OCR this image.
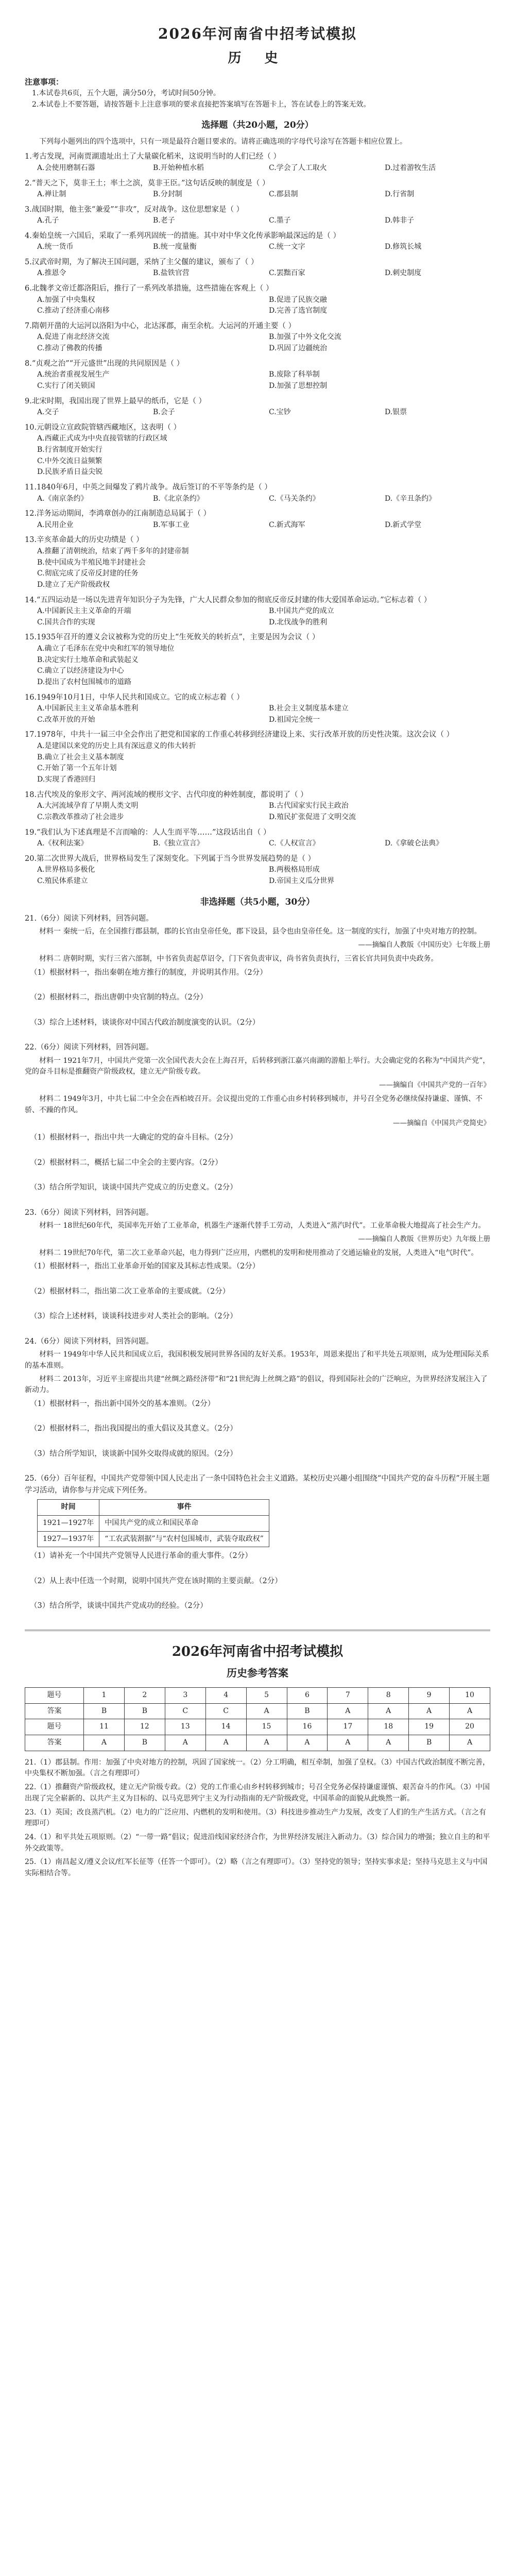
2026年河南省中招考试模拟
历 史
注意事项：

1.本试卷共6页，五个大题，满分50分，考试时间50分钟。

2.本试卷上不要答题，请按答题卡上注意事项的要求直接把答案填写在答题卡上，答在试卷上的答案无效。

选择题（共20小题，20分）
下列每小题列出的四个选项中，只有一项是最符合题目要求的。请将正确选项的字母代号涂写在答题卡相应位置上。
1.考古发现，河南贾湖遗址出土了大量碳化稻米，这说明当时的人们已经（ ）
A.会使用磨制石器	B.开始种植水稻	C.学会了人工取火	D.过着游牧生活
2.“普天之下，莫非王土；率土之滨，莫非王臣。”这句话反映的制度是（ ）
A.禅让制	B.分封制	C.郡县制	D.行省制
3.战国时期，他主张“兼爱”“非攻”，反对战争。这位思想家是（ ）
A.孔子	B.老子	C.墨子	D.韩非子
4.秦始皇统一六国后，采取了一系列巩固统一的措施。其中对中华文化传承影响最深远的是（ ）
A.统一货币	B.统一度量衡	C.统一文字	D.修筑长城
5.汉武帝时期，为了解决王国问题，采纳了主父偃的建议，颁布了（ ）
A.推恩令	B.盐铁官营	C.罢黜百家	D.刺史制度
6.北魏孝文帝迁都洛阳后，推行了一系列改革措施，这些措施在客观上（ ）
A.加强了中央集权	B.促进了民族交融
C.推动了经济重心南移	D.完善了选官制度
7.隋朝开凿的大运河以洛阳为中心，北达涿郡，南至余杭。大运河的开通主要（ ）
A.促进了南北经济交流	B.加强了中外文化交流
C.推动了佛教的传播	D.巩固了边疆统治
8.“贞观之治”“开元盛世”出现的共同原因是（ ）
A.统治者重视发展生产	B.废除了科举制
C.实行了闭关锁国	D.加强了思想控制
9.北宋时期，我国出现了世界上最早的纸币，它是（ ）
A.交子	B.会子	C.宝钞	D.银票
10.元朝设立宣政院管辖西藏地区，这表明（ ）
A.西藏正式成为中央直接管辖的行政区域
B.行省制度开始实行
C.中外交流日益频繁
D.民族矛盾日益尖锐
11.1840年6月，中英之间爆发了鸦片战争。战后签订的不平等条约是（ ）
A.《南京条约》	B.《北京条约》	C.《马关条约》	D.《辛丑条约》
12.洋务运动期间，李鸿章创办的江南制造总局属于（ ）
A.民用企业	B.军事工业	C.新式海军	D.新式学堂
13.辛亥革命最大的历史功绩是（ ）
A.推翻了清朝统治，结束了两千多年的封建帝制
B.使中国成为半殖民地半封建社会
C.彻底完成了反帝反封建的任务
D.建立了无产阶级政权
14.“五四运动是一场以先进青年知识分子为先锋，广大人民群众参加的彻底反帝反封建的伟大爱国革命运动。”它标志着（ ）
A.中国新民主主义革命的开端	B.中国共产党的成立
C.国共合作的实现	D.北伐战争的胜利
15.1935年召开的遵义会议被称为党的历史上“生死攸关的转折点”，主要是因为会议（ ）
A.确立了毛泽东在党中央和红军的领导地位
B.决定实行土地革命和武装起义
C.确立了以经济建设为中心
D.提出了农村包围城市的道路
16.1949年10月1日，中华人民共和国成立。它的成立标志着（ ）
A.中国新民主主义革命基本胜利	B.社会主义制度基本建立
C.改革开放的开始	D.祖国完全统一
17.1978年，中共十一届三中全会作出了把党和国家的工作重心转移到经济建设上来、实行改革开放的历史性决策。这次会议（ ）
A.是建国以来党的历史上具有深远意义的伟大转折
B.确立了社会主义基本制度
C.开始了第一个五年计划
D.实现了香港回归
18.古代埃及的象形文字、两河流域的楔形文字、古代印度的种姓制度，都说明了（ ）
A.大河流域孕育了早期人类文明	B.古代国家实行民主政治
C.宗教改革推动了社会进步	D.殖民扩张促进了文明交流
19.“我们认为下述真理是不言而喻的：人人生而平等……”这段话出自（ ）
A.《权利法案》	B.《独立宣言》	C.《人权宣言》	D.《拿破仑法典》
20.第二次世界大战后，世界格局发生了深刻变化。下列属于当今世界发展趋势的是（ ）
A.世界格局多极化	B.两极格局形成
C.殖民体系建立	D.帝国主义瓜分世界
非选择题（共5小题，30分）
21.（6分）阅读下列材料，回答问题。
材料一 秦统一后，在全国推行郡县制，郡的长官由皇帝任免，郡下设县，县令也由皇帝任免。这一制度的实行，加强了中央对地方的控制。
——摘编自人教版《中国历史》七年级上册
材料二 唐朝时期，实行三省六部制，中书省负责起草诏令，门下省负责审议，尚书省负责执行，三省长官共同负责中央政务。
（1）根据材料一，指出秦朝在地方推行的制度，并说明其作用。（2分）
（2）根据材料二，指出唐朝中央官制的特点。（2分）
（3）综合上述材料，谈谈你对中国古代政治制度演变的认识。（2分）
22.（6分）阅读下列材料，回答问题。
材料一 1921年7月，中国共产党第一次全国代表大会在上海召开，后转移到浙江嘉兴南湖的游船上举行。大会确定党的名称为“中国共产党”，党的奋斗目标是推翻资产阶级政权，建立无产阶级专政。
——摘编自《中国共产党的一百年》
材料二 1949年3月，中共七届二中全会在西柏坡召开。会议提出党的工作重心由乡村转移到城市，并号召全党务必继续保持谦虚、谨慎、不骄、不躁的作风。
——摘编自《中国共产党简史》
（1）根据材料一，指出中共一大确定的党的奋斗目标。（2分）
（2）根据材料二，概括七届二中全会的主要内容。（2分）
（3）结合所学知识，谈谈中国共产党成立的历史意义。（2分）
23.（6分）阅读下列材料，回答问题。
材料一 18世纪60年代，英国率先开始了工业革命，机器生产逐渐代替手工劳动，人类进入“蒸汽时代”。工业革命极大地提高了社会生产力。
——摘编自人教版《世界历史》九年级上册
材料二 19世纪70年代，第二次工业革命兴起，电力得到广泛应用，内燃机的发明和使用推动了交通运输业的发展，人类进入“电气时代”。
（1）根据材料一，指出工业革命开始的国家及其标志性成果。（2分）
（2）根据材料二，指出第二次工业革命的主要成就。（2分）
（3）综合上述材料，谈谈科技进步对人类社会的影响。（2分）
24.（6分）阅读下列材料，回答问题。
材料一 1949年中华人民共和国成立后，我国积极发展同世界各国的友好关系。1953年，周恩来提出了和平共处五项原则，成为处理国际关系的基本准则。
材料二 2013年，习近平主席提出共建“丝绸之路经济带”和“21世纪海上丝绸之路”的倡议，得到国际社会的广泛响应，为世界经济发展注入了新动力。
（1）根据材料一，指出新中国外交的基本准则。（2分）
（2）根据材料二，指出我国提出的重大倡议及其意义。（2分）
（3）结合所学知识，谈谈新中国外交取得成就的原因。（2分）
25.（6分）百年征程，中国共产党带领中国人民走出了一条中国特色社会主义道路。某校历史兴趣小组围绕“中国共产党的奋斗历程”开展主题学习活动，请你参与并完成下列任务。
时间	事件
1921—1927年	中国共产党的成立和国民革命
1927—1937年	“工农武装割据”与“农村包围城市，武装夺取政权”
（1）请补充一个中国共产党领导人民进行革命的重大事件。（2分）
（2）从上表中任选一个时期，说明中国共产党在该时期的主要贡献。（2分）
（3）结合所学，谈谈中国共产党成功的经验。（2分）
2026年河南省中招考试模拟
历史参考答案
题号	1	2	3	4	5	6	7	8	9	10
答案	B	B	C	C	A	B	A	A	A	A
题号	11	12	13	14	15	16	17	18	19	20
答案	A	B	A	A	A	A	A	A	B	A
21.（1）郡县制。作用：加强了中央对地方的控制，巩固了国家统一。（2）分工明确，相互牵制，加强了皇权。（3）中国古代政治制度不断完善，中央集权不断加强。（言之有理即可）
22.（1）推翻资产阶级政权，建立无产阶级专政。（2）党的工作重心由乡村转移到城市；号召全党务必保持谦虚谨慎、艰苦奋斗的作风。（3）中国出现了完全崭新的、以共产主义为目标的、以马克思列宁主义为行动指南的无产阶级政党，中国革命的面貌从此焕然一新。
23.（1）英国；改良蒸汽机。（2）电力的广泛应用、内燃机的发明和使用。（3）科技进步推动生产力发展，改变了人们的生产生活方式。（言之有理即可）
24.（1）和平共处五项原则。（2）“一带一路”倡议；促进沿线国家经济合作，为世界经济发展注入新动力。（3）综合国力的增强；独立自主的和平外交政策等。
25.（1）南昌起义/遵义会议/红军长征等（任答一个即可）。（2）略（言之有理即可）。（3）坚持党的领导；坚持实事求是；坚持马克思主义与中国实际相结合等。
